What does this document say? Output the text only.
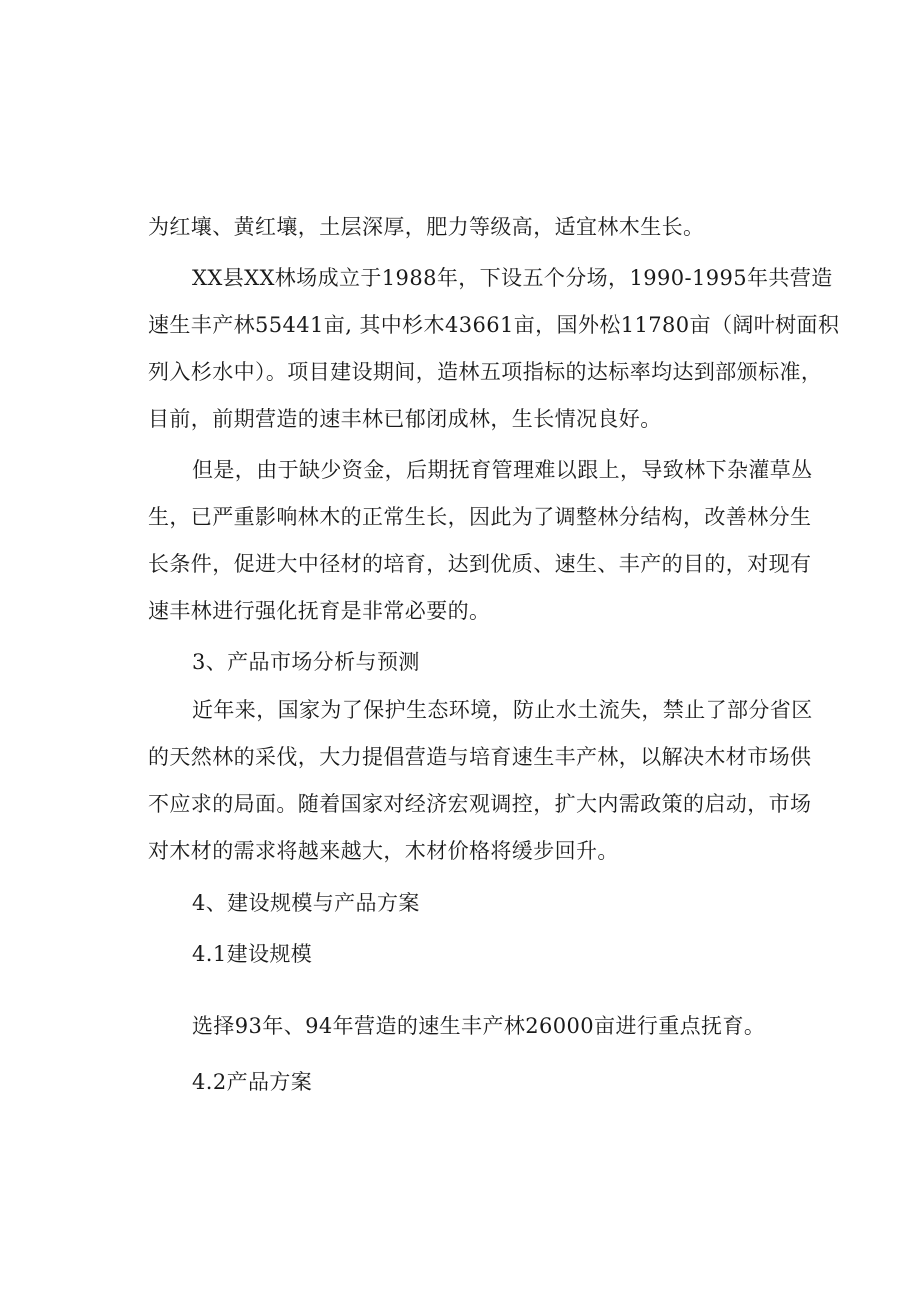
为红壤、黄红壤，土层深厚，肥力等级高，适宜林木生长。
XX县XX林场成立于1988年，下设五个分场，1990-1995年共营造
速生丰产林55441亩, 其中杉木43661亩，国外松11780亩（阔叶树面积
列入杉水中）。项目建设期间，造林五项指标的达标率均达到部颁标准，
目前，前期营造的速丰林已郁闭成林，生长情况良好。
但是，由于缺少资金，后期抚育管理难以跟上，导致林下杂灌草丛
生，已严重影响林木的正常生长，因此为了调整林分结构，改善林分生
长条件，促进大中径材的培育，达到优质、速生、丰产的目的，对现有
速丰林进行强化抚育是非常必要的。
3、产品市场分析与预测
近年来，国家为了保护生态环境，防止水土流失，禁止了部分省区
的天然林的采伐，大力提倡营造与培育速生丰产林，以解决木材市场供
不应求的局面。随着国家对经济宏观调控，扩大内需政策的启动，市场
对木材的需求将越来越大，木材价格将缓步回升。
4、建设规模与产品方案
4.1建设规模
选择93年、94年营造的速生丰产林26000亩进行重点抚育。
4.2产品方案
